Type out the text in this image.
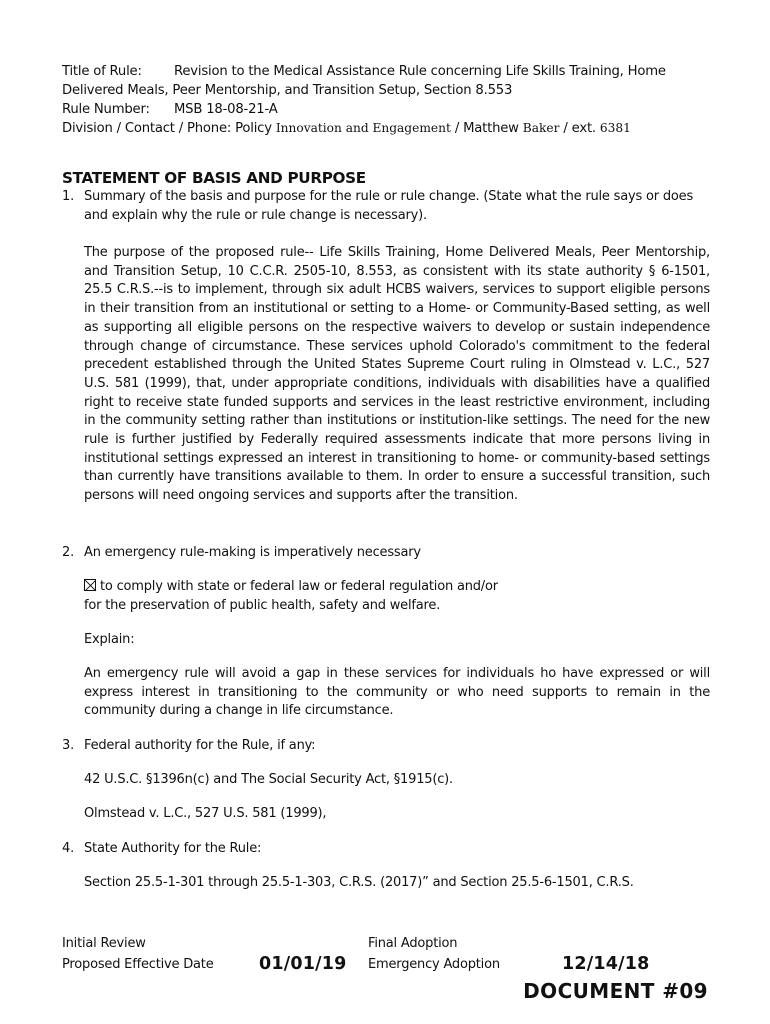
Title of Rule: Revision to the Medical Assistance Rule concerning Life Skills Training, Home
Delivered Meals, Peer Mentorship, and Transition Setup, Section 8.553
Rule Number: MSB 18-08-21-A
Division / Contact / Phone: Policy Innovation and Engagement / Matthew Baker / ext. 6381
STATEMENT OF BASIS AND PURPOSE
1. Summary of the basis and purpose for the rule or rule change. (State what the rule says or does and explain why the rule or rule change is necessary).
The purpose of the proposed rule-- Life Skills Training, Home Delivered Meals, Peer Mentorship, and Transition Setup, 10 C.C.R. 2505-10, 8.553, as consistent with its state authority § 6-1501, 25.5 C.R.S.--is to implement, through six adult HCBS waivers, services to support eligible persons in their transition from an institutional or setting to a Home- or Community-Based setting, as well as supporting all eligible persons on the respective waivers to develop or sustain independence through change of circumstance. These services uphold Colorado's commitment to the federal precedent established through the United States Supreme Court ruling in Olmstead v. L.C., 527 U.S. 581 (1999), that, under appropriate conditions, individuals with disabilities have a qualified right to receive state funded supports and services in the least restrictive environment, including in the community setting rather than institutions or institution-like settings. The need for the new rule is further justified by Federally required assessments indicate that more persons living in institutional settings expressed an interest in transitioning to home- or community-based settings than currently have transitions available to them. In order to ensure a successful transition, such persons will need ongoing services and supports after the transition.
2. An emergency rule-making is imperatively necessary
to comply with state or federal law or federal regulation and/or
for the preservation of public health, safety and welfare.
Explain:
An emergency rule will avoid a gap in these services for individuals ho have expressed or will express interest in transitioning to the community or who need supports to remain in the community during a change in life circumstance.
3. Federal authority for the Rule, if any:
42 U.S.C. §1396n(c) and The Social Security Act, §1915(c).
Olmstead v. L.C., 527 U.S. 581 (1999),
4. State Authority for the Rule:
Section 25.5-1-301 through 25.5-1-303, C.R.S. (2017)” and Section 25.5-6-1501, C.R.S.
Initial Review
Proposed Effective Date	01/01/19
Final Adoption
Emergency Adoption	12/14/18
DOCUMENT #09
